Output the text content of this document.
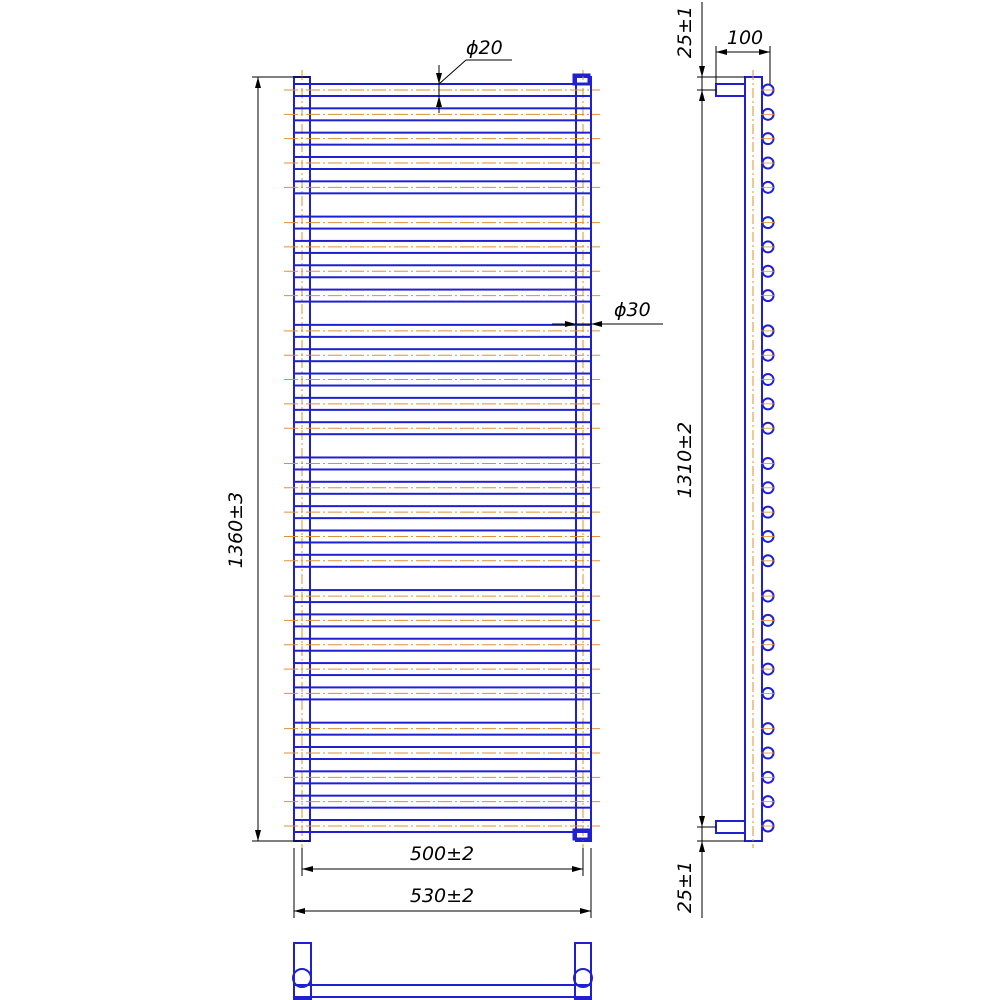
ϕ20
ϕ30
1360±3
1310±2
100
25±1
25±1
500±2
530±2
